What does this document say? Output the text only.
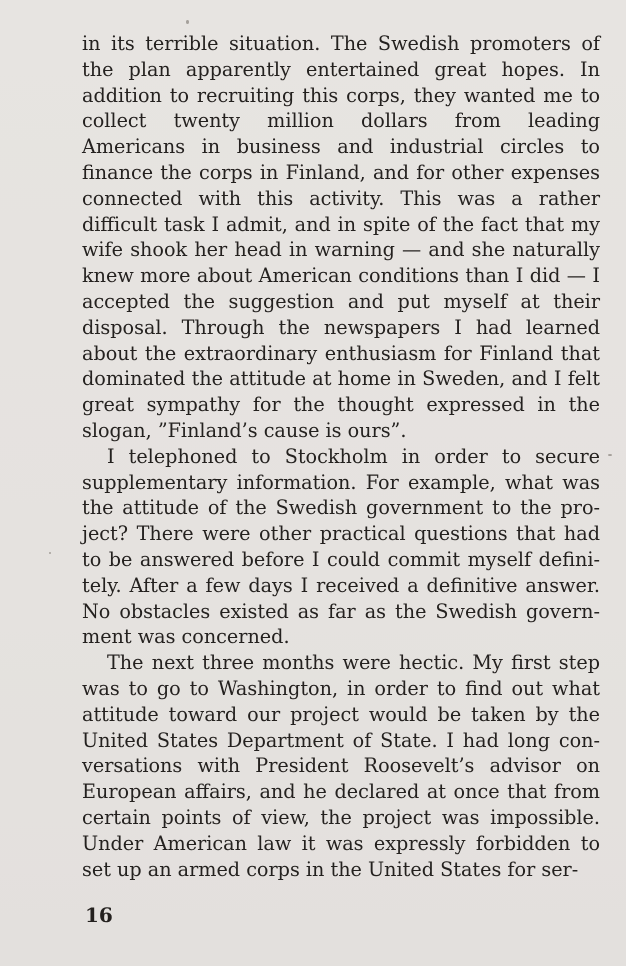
in its terrible situation. The Swedish promoters of the plan apparently entertained great hopes. In addition to recruiting this corps, they wanted me to collect twenty million dollars from leading Americans in business and industrial circles to finance the corps in Finland, and for other expenses connected with this activity. This was a rather difficult task I admit, and in spite of the fact that my wife shook her head in warning — and she naturally knew more about American conditions than I did — I accepted the suggestion and put myself at their disposal. Through the newspapers I had learned about the extraordinary enthusiasm for Finland that dominated the attitude at home in Sweden, and I felt great sympathy for the thought expressed in the slogan, ”Finland’s cause is ours”.

I telephoned to Stockholm in order to secure supplementary information. For example, what was the attitude of the Swedish government to the project? There were other practical questions that had to be answered before I could commit myself definitely. After a few days I received a definitive answer. No obstacles existed as far as the Swedish government was concerned.

The next three months were hectic. My first step was to go to Washington, in order to find out what attitude toward our project would be taken by the United States Department of State. I had long conversations with President Roosevelt’s advisor on European affairs, and he declared at once that from certain points of view, the project was impossible. Under American law it was expressly forbidden to set up an armed corps in the United States for ser-

16
